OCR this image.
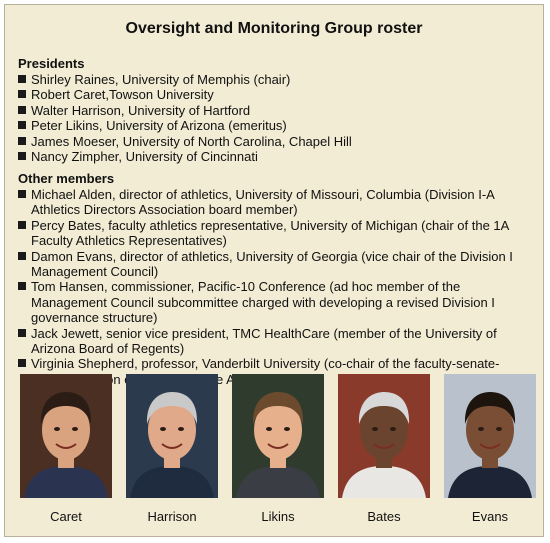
Oversight and Monitoring Group roster
Presidents
Shirley Raines, University of Memphis (chair)
Robert Caret,Towson University
Walter Harrison, University of Hartford
Peter Likins, University of Arizona (emeritus)
James Moeser, University of North Carolina, Chapel Hill
Nancy Zimpher, University of Cincinnati
Other members
Michael Alden, director of athletics, University of Missouri, Columbia (Division I-A Athletics Directors Association board member)
Percy Bates, faculty athletics representative, University of Michigan (chair of the 1A Faculty Athletics Representatives)
Damon Evans, director of athletics, University of Georgia (vice chair of the Division I Management Council)
Tom Hansen, commissioner, Pacific-10 Conference (ad hoc member of the Management Council subcommittee charged with developing a revised Division I governance structure)
Jack Jewett, senior vice president, TMC HealthCare (member of the University of Arizona Board of Regents)
Virginia Shepherd, professor, Vanderbilt University (co-chair of the faculty-senate-
Caret	Harrison	Likins	Bates	Evans
